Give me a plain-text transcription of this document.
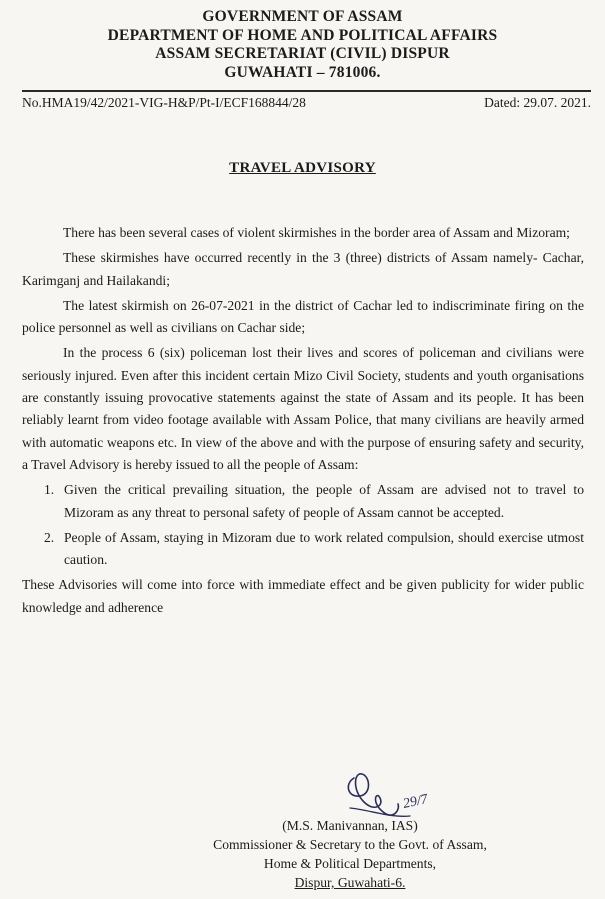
GOVERNMENT OF ASSAM
DEPARTMENT OF HOME AND POLITICAL AFFAIRS
ASSAM SECRETARIAT (CIVIL) DISPUR
GUWAHATI – 781006.
No.HMA19/42/2021-VIG-H&P/Pt-I/ECF168844/28	Dated: 29.07. 2021.
TRAVEL ADVISORY

There has been several cases of violent skirmishes in the border area of Assam and Mizoram;

These skirmishes have occurred recently in the 3 (three) districts of Assam namely- Cachar, Karimganj and Hailakandi;

The latest skirmish on 26-07-2021 in the district of Cachar led to indiscriminate firing on the police personnel as well as civilians on Cachar side;

In the process 6 (six) policeman lost their lives and scores of policeman and civilians were seriously injured. Even after this incident certain Mizo Civil Society, students and youth organisations are constantly issuing provocative statements against the state of Assam and its people. It has been reliably learnt from video footage available with Assam Police, that many civilians are heavily armed with automatic weapons etc. In view of the above and with the purpose of ensuring safety and security, a Travel Advisory is hereby issued to all the people of Assam:

1. Given the critical prevailing situation, the people of Assam are advised not to travel to Mizoram as any threat to personal safety of people of Assam cannot be accepted.
2. People of Assam, staying in Mizoram due to work related compulsion, should exercise utmost caution.

These Advisories will come into force with immediate effect and be given publicity for wider public knowledge and adherence

29/7
(M.S. Manivannan, IAS)
Commissioner & Secretary to the Govt. of Assam,
Home & Political Departments,
Dispur, Guwahati-6.
